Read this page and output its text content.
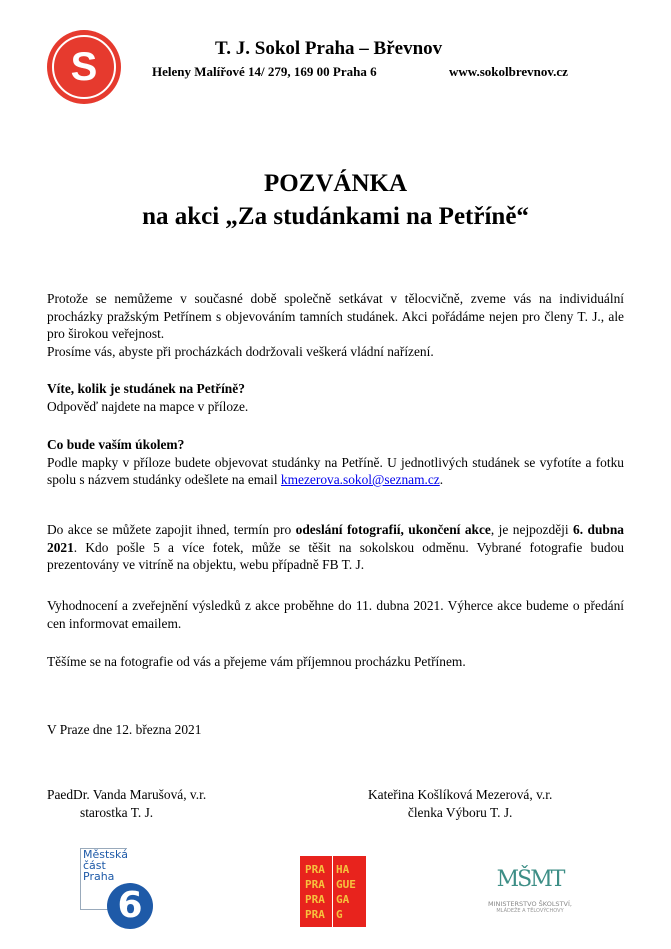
S	T. J. Sokol Praha – Břevnov
Heleny Malířové 14/ 279, 169 00 Praha 6	www.sokolbrevnov.cz
POZVÁNKA
na akci „Za studánkami na Petříně“
Protože se nemůžeme v současné době společně setkávat v tělocvičně, zveme vás na individuální procházky pražským Petřínem s objevováním tamních studánek. Akci pořádáme nejen pro členy T. J., ale pro širokou veřejnost.
Prosíme vás, abyste při procházkách dodržovali veškerá vládní nařízení.
Víte, kolik je studánek na Petříně?
Odpověď najdete na mapce v příloze.
Co bude vaším úkolem?
Podle mapky v příloze budete objevovat studánky na Petříně. U jednotlivých studánek se vyfotíte a fotku spolu s názvem studánky odešlete na email kmezerova.sokol@seznam.cz.
Do akce se můžete zapojit ihned, termín pro odeslání fotografií, ukončení akce, je nejpozději 6. dubna 2021. Kdo pošle 5 a více fotek, může se těšit na sokolskou odměnu. Vybrané fotografie budou prezentovány ve vitríně na objektu, webu případně FB T. J.
Vyhodnocení a zveřejnění výsledků z akce proběhne do 11. dubna 2021. Výherce akce budeme o předání cen informovat emailem.
Těšíme se na fotografie od vás a přejeme vám příjemnou procházku Petřínem.
V Praze dne 12. března 2021
PaedDr. Vanda Marušová, v.r.
starostka T. J.
Kateřina Košlíková Mezerová, v.r.
členka Výboru T. J.
Městská
část
Praha
6
PRA
PRA
PRA
PRA
HA
GUE
GA
G
MŠMT
MINISTERSTVO ŠKOLSTVÍ,
MLÁDEŽE A TĚLOVÝCHOVY
